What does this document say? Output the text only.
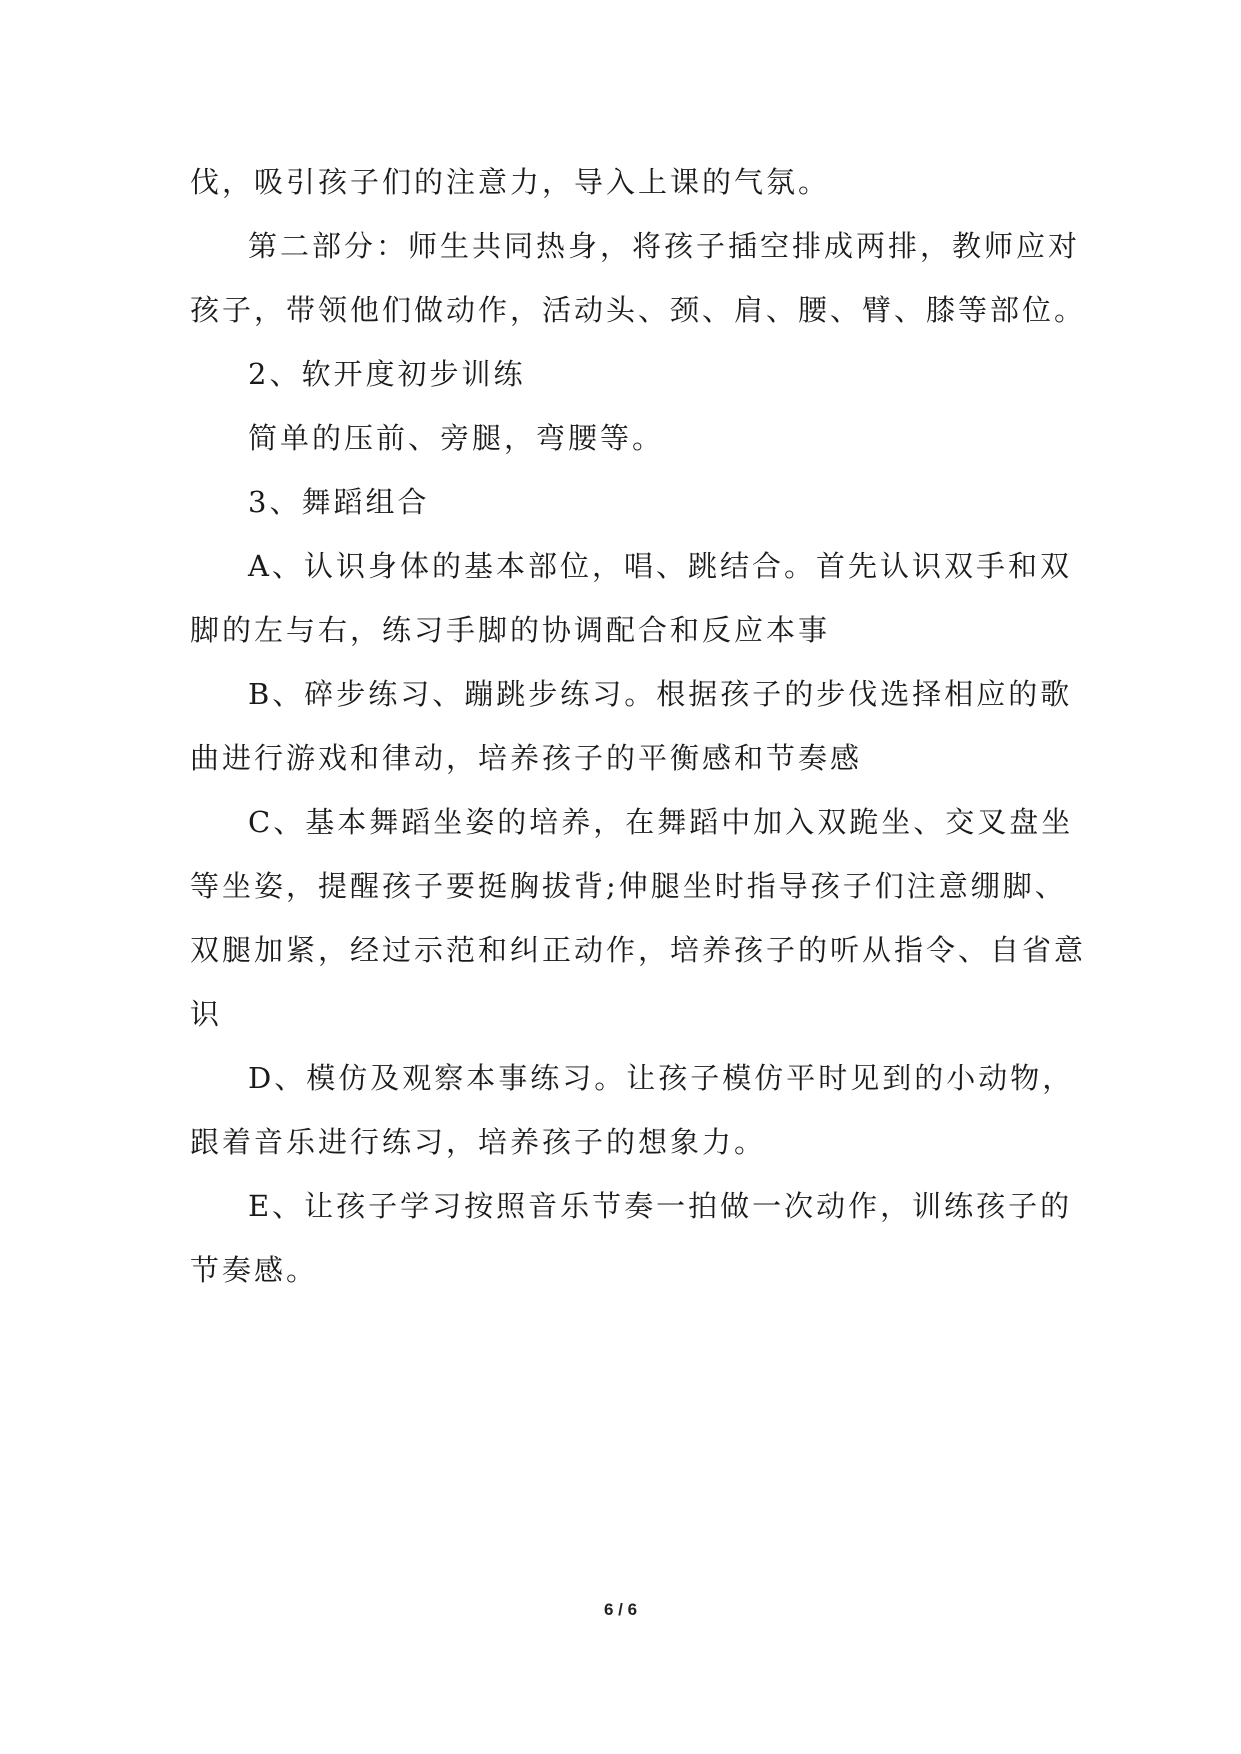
伐，吸引孩子们的注意力，导入上课的气氛。
第二部分：师生共同热身，将孩子插空排成两排，教师应对
孩子，带领他们做动作，活动头、颈、肩、腰、臂、膝等部位。
2、软开度初步训练
简单的压前、旁腿，弯腰等。
3、舞蹈组合
A、认识身体的基本部位，唱、跳结合。首先认识双手和双
脚的左与右，练习手脚的协调配合和反应本事
B、碎步练习、蹦跳步练习。根据孩子的步伐选择相应的歌
曲进行游戏和律动，培养孩子的平衡感和节奏感
C、基本舞蹈坐姿的培养，在舞蹈中加入双跪坐、交叉盘坐
等坐姿，提醒孩子要挺胸拔背;伸腿坐时指导孩子们注意绷脚、
双腿加紧，经过示范和纠正动作，培养孩子的听从指令、自省意
识
D、模仿及观察本事练习。让孩子模仿平时见到的小动物，
跟着音乐进行练习，培养孩子的想象力。
E、让孩子学习按照音乐节奏一拍做一次动作，训练孩子的
节奏感。
6 / 6
